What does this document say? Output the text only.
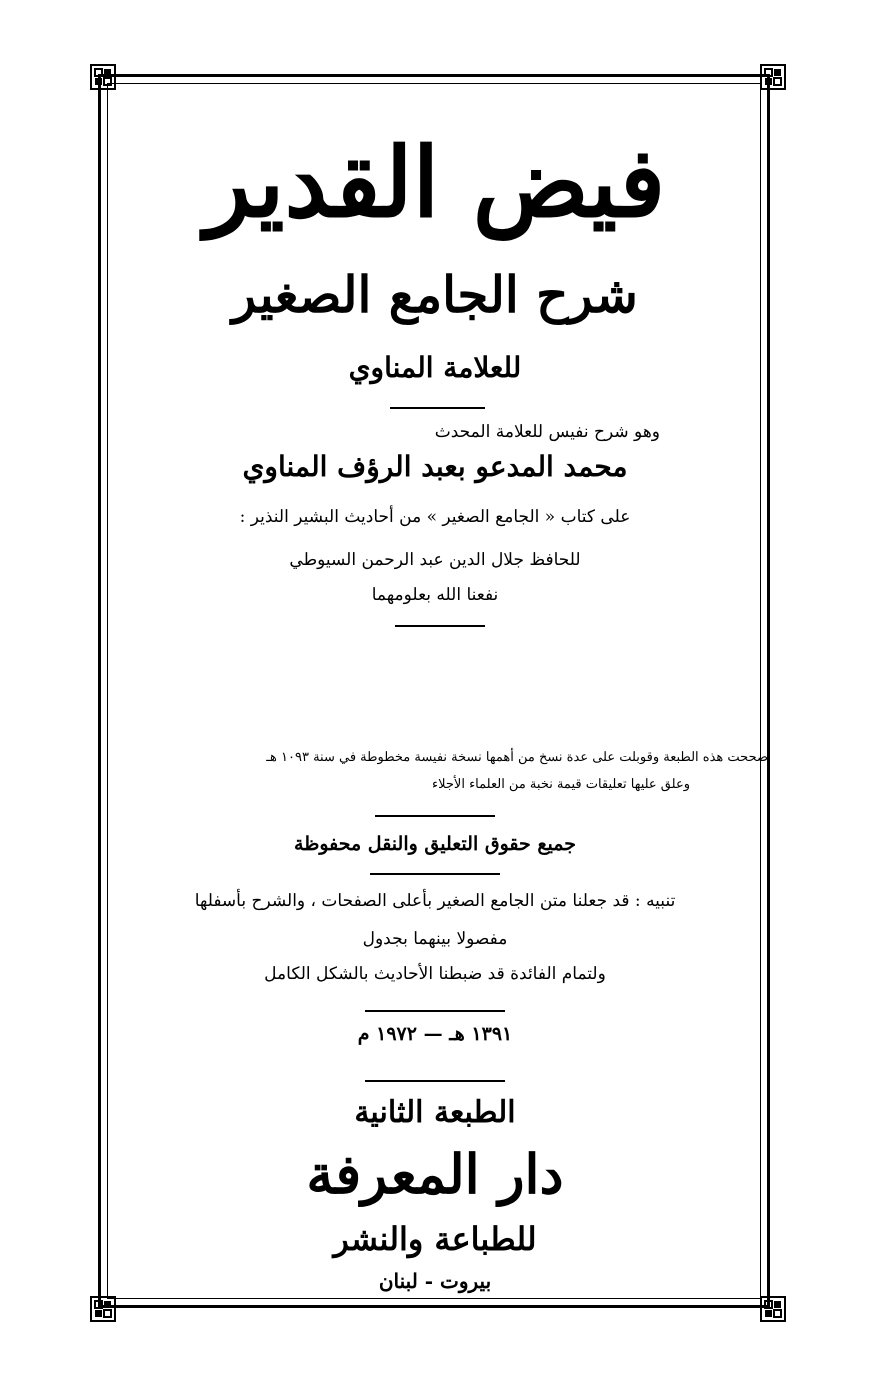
فيض القدير
شرح الجامع الصغير
للعلامة المناوي
وهو شرح نفيس للعلامة المحدث
محمد المدعو بعبد الرؤف المناوي
على كتاب « الجامع الصغير » من أحاديث البشير النذير :
للحافظ جلال الدين عبد الرحمن السيوطي
نفعنا الله بعلومهما
صححت هذه الطبعة وقوبلت على عدة نسخ من أهمها نسخة نفيسة مخطوطة في سنة ١٠٩٣ هـ
وعلق عليها تعليقات قيمة نخبة من العلماء الأجلاء
جميع حقوق التعليق والنقل محفوظة
تنبيه : قد جعلنا متن الجامع الصغير بأعلى الصفحات ، والشرح بأسفلها
مفصولا بينهما بجدول
ولتمام الفائدة قد ضبطنا الأحاديث بالشكل الكامل
١٣٩١ هـ — ١٩٧٢ م
الطبعة الثانية
دار المعرفة
للطباعة والنشر
بيروت - لبنان
